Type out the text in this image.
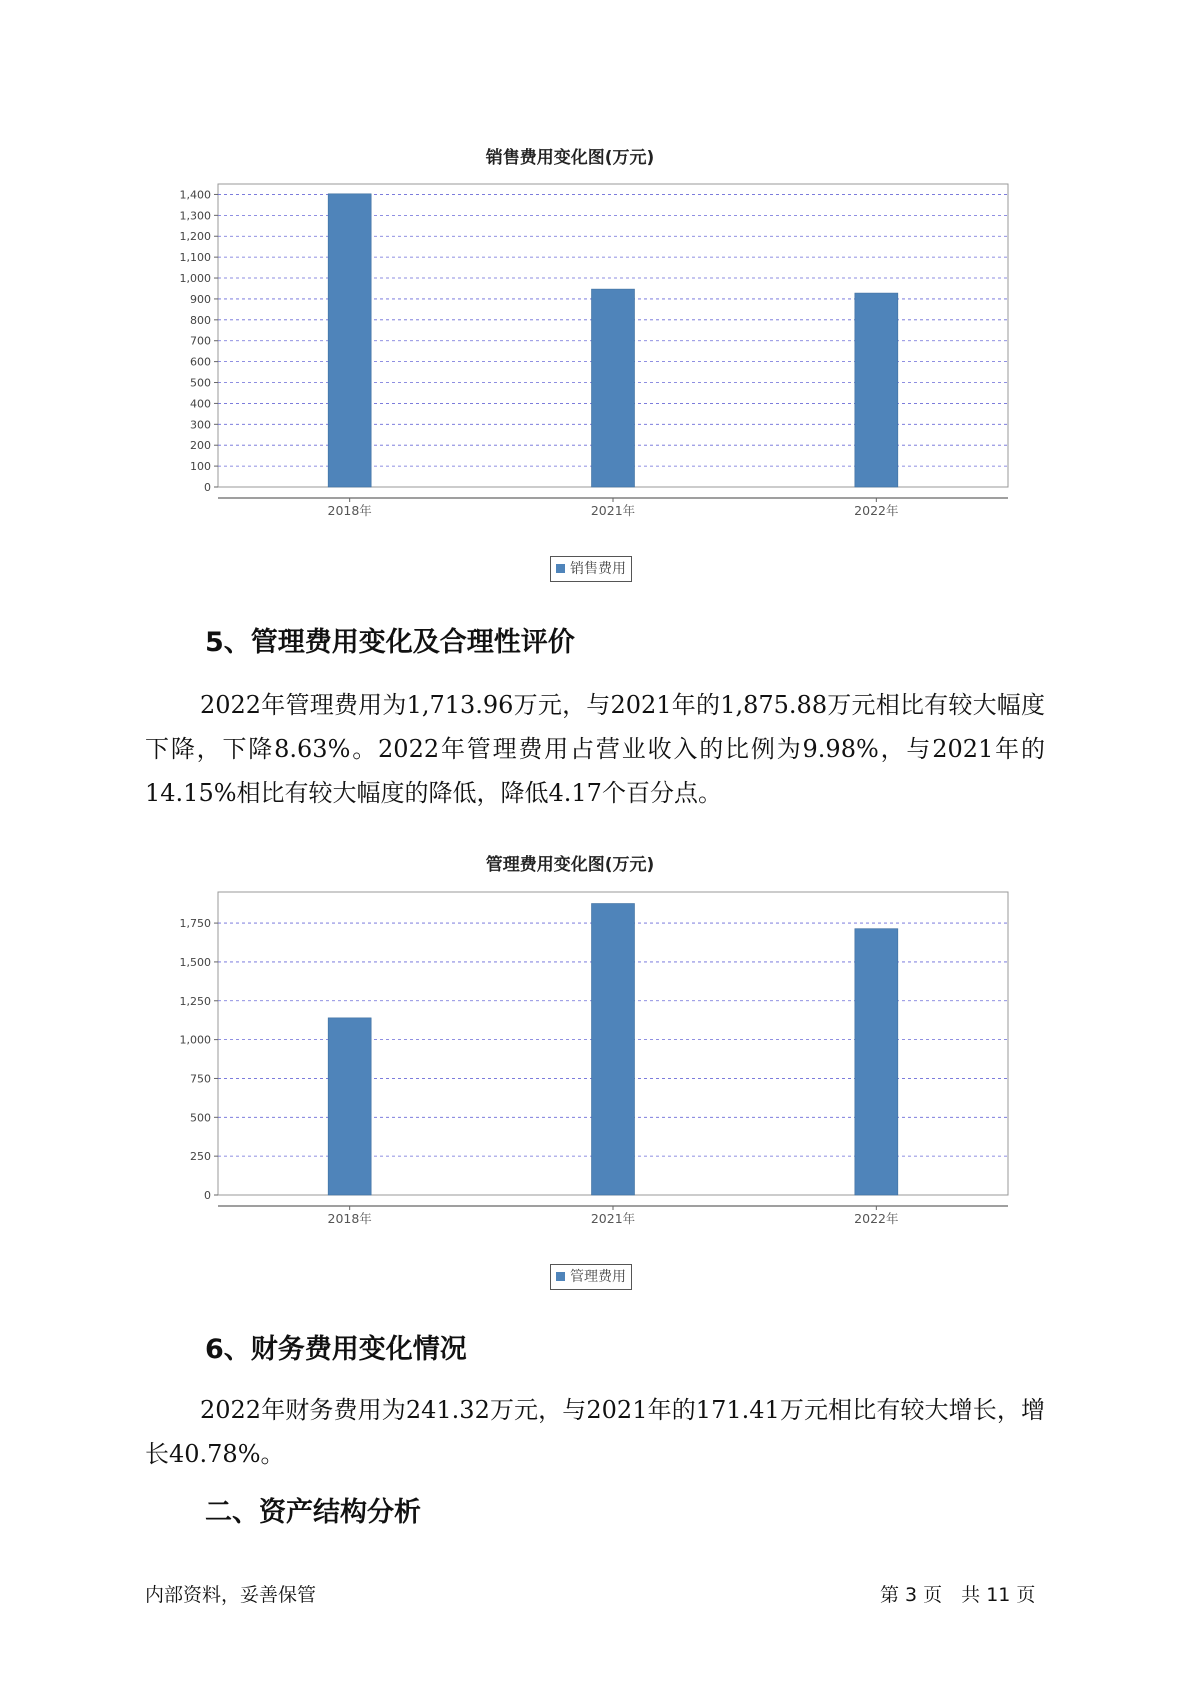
销售费用变化图(万元)
0
100
200
300
400
500
600
700
800
900
1,000
1,100
1,200
1,300
1,400
2018年	2021年	2022年
销售费用
5、管理费用变化及合理性评价
2022年管理费用为1,713.96万元，与2021年的1,875.88万元相比有较大幅度下降，下降8.63%。2022年管理费用占营业收入的比例为9.98%，与2021年的14.15%相比有较大幅度的降低，降低4.17个百分点。
管理费用变化图(万元)
0
250
500
750
1,000
1,250
1,500
1,750
2018年	2021年	2022年
管理费用
6、财务费用变化情况
2022年财务费用为241.32万元，与2021年的171.41万元相比有较大增长，增长40.78%。
二、资产结构分析
内部资料，妥善保管	第 3 页　共 11 页
